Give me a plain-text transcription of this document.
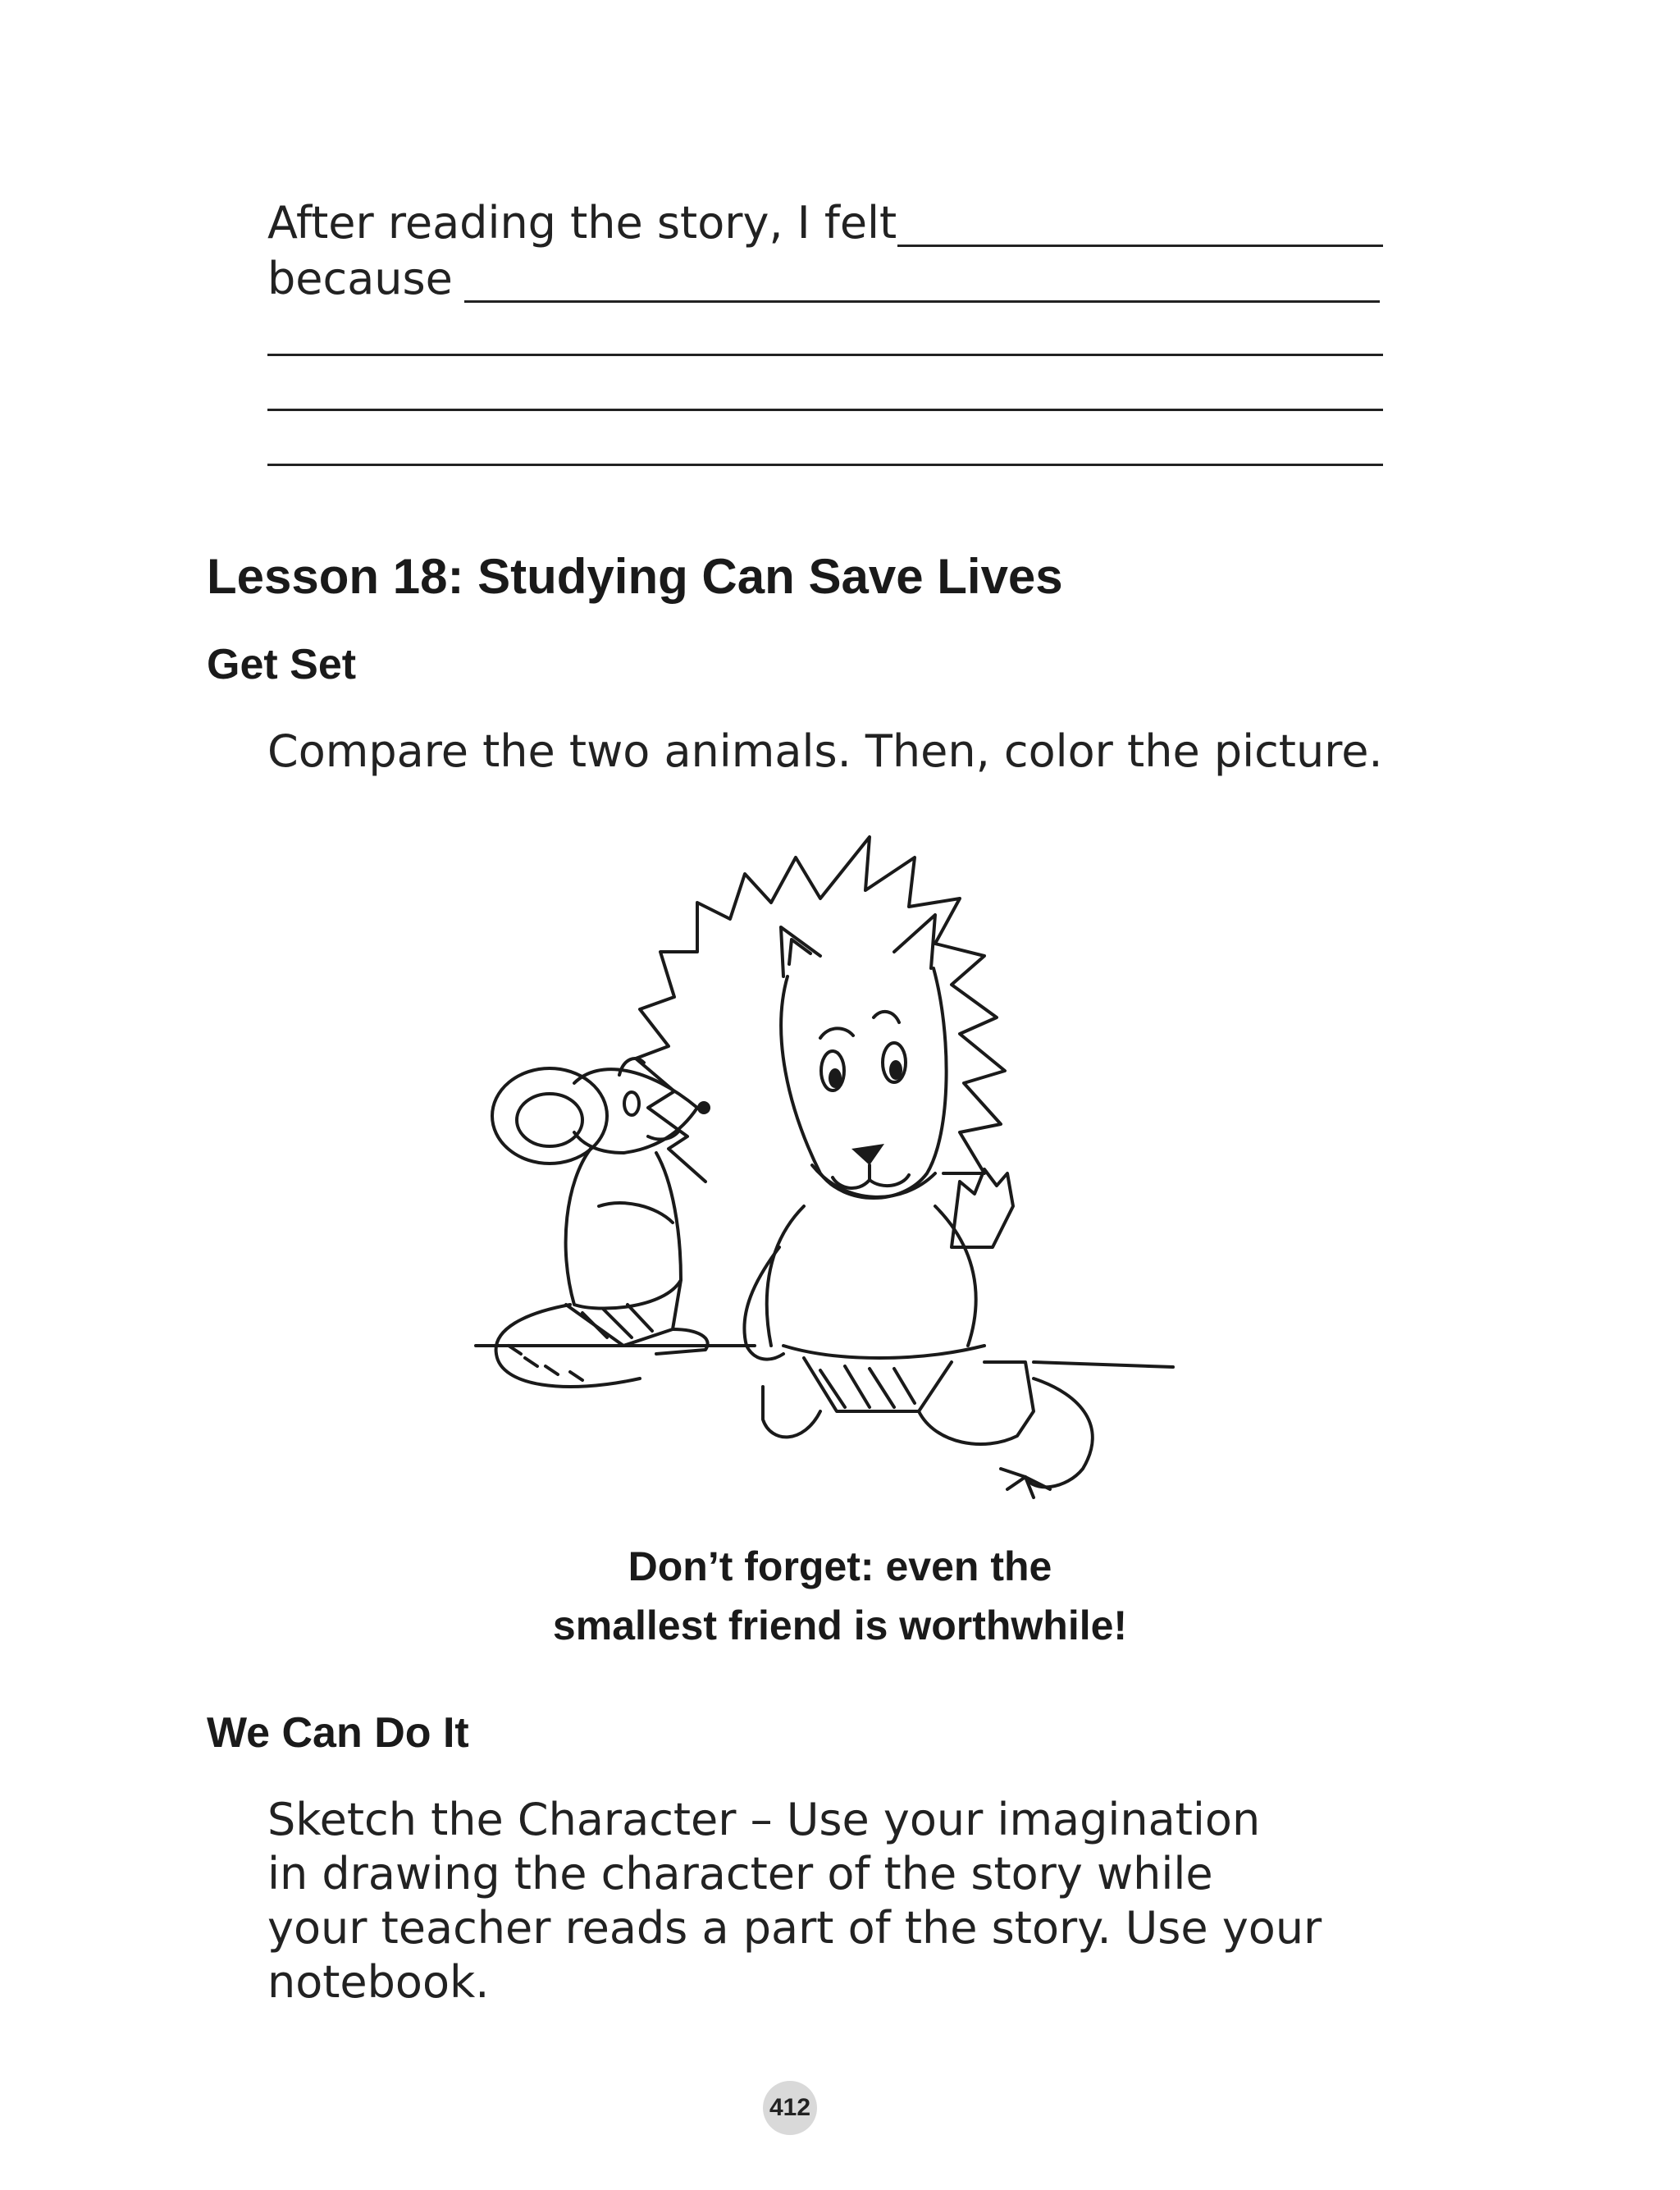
After reading the story, I felt
because
Lesson 18: Studying Can Save Lives
Get Set
Compare the two animals. Then, color the picture.
Don’t forget: even the
smallest friend is worthwhile!
We Can Do It
Sketch the Character – Use your imagination
in drawing the character of the story while
your teacher reads a part of the story. Use your
notebook.
412
